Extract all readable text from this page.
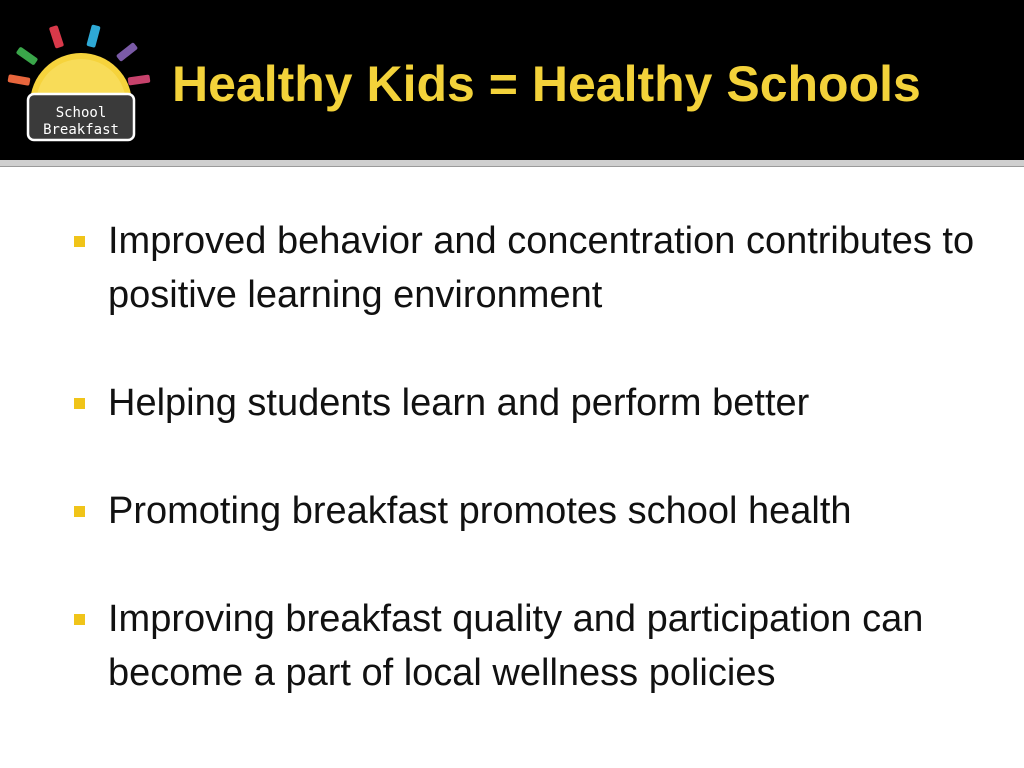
School
Breakfast
Healthy Kids = Healthy Schools
Improved behavior and concentration contributes to positive learning environment
Helping students learn and perform better
Promoting breakfast promotes school health
Improving breakfast quality and participation can become a part of local wellness policies
